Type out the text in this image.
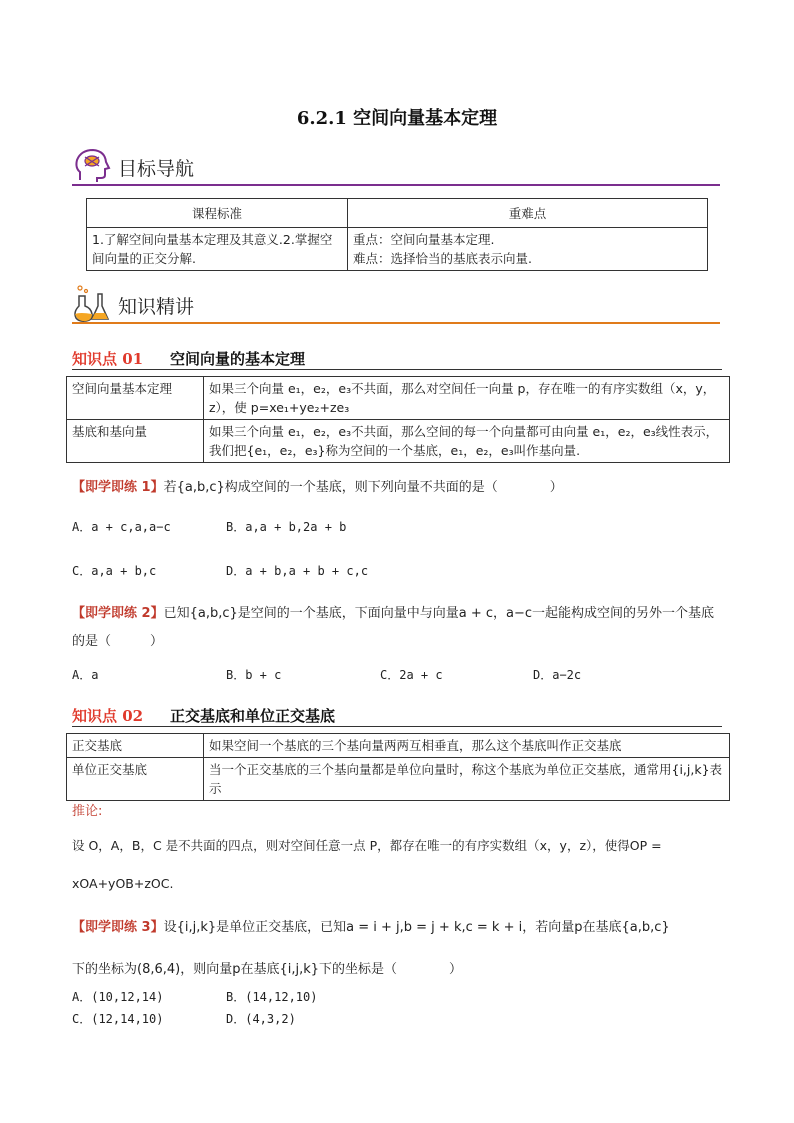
6.2.1 空间向量基本定理
目标导航
课程标准	重难点
1.了解空间向量基本定理及其意义.2.掌握空间向量的正交分解.	重点：空间向量基本定理.
难点：选择恰当的基底表示向量.
知识精讲
知识点 01 空间向量的基本定理
空间向量基本定理	如果三个向量 e₁，e₂，e₃不共面，那么对空间任一向量 p，存在唯一的有序实数组（x，y，z），使 p=xe₁+ye₂+ze₃
基底和基向量	如果三个向量 e₁，e₂，e₃不共面，那么空间的每一个向量都可由向量 e₁，e₂，e₃线性表示，我们把{e₁，e₂，e₃}称为空间的一个基底，e₁，e₂，e₃叫作基向量.
【即学即练 1】若{a,b,c}构成空间的一个基底，则下列向量不共面的是（　　　　）
A．a + c,a,a−c	B．a,a + b,2a + b
C．a,a + b,c	D．a + b,a + b + c,c
【即学即练 2】已知{a,b,c}是空间的一个基底，下面向量中与向量a + c，a−c一起能构成空间的另外一个基底的是（　　　）
A．a	B．b + c	C．2a + c	D．a−2c
知识点 02 正交基底和单位正交基底
正交基底	如果空间一个基底的三个基向量两两互相垂直，那么这个基底叫作正交基底
单位正交基底	当一个正交基底的三个基向量都是单位向量时，称这个基底为单位正交基底，通常用{i,j,k}表示
推论:
设 O，A，B，C 是不共面的四点，则对空间任意一点 P，都存在唯一的有序实数组（x，y，z），使得OP =
xOA+yOB+zOC.
【即学即练 3】设{i,j,k}是单位正交基底，已知a = i + j,b = j + k,c = k + i，若向量p在基底{a,b,c}
下的坐标为(8,6,4)，则向量p在基底{i,j,k}下的坐标是（　　　　）
A．(10,12,14)	B．(14,12,10)
C．(12,14,10)	D．(4,3,2)
